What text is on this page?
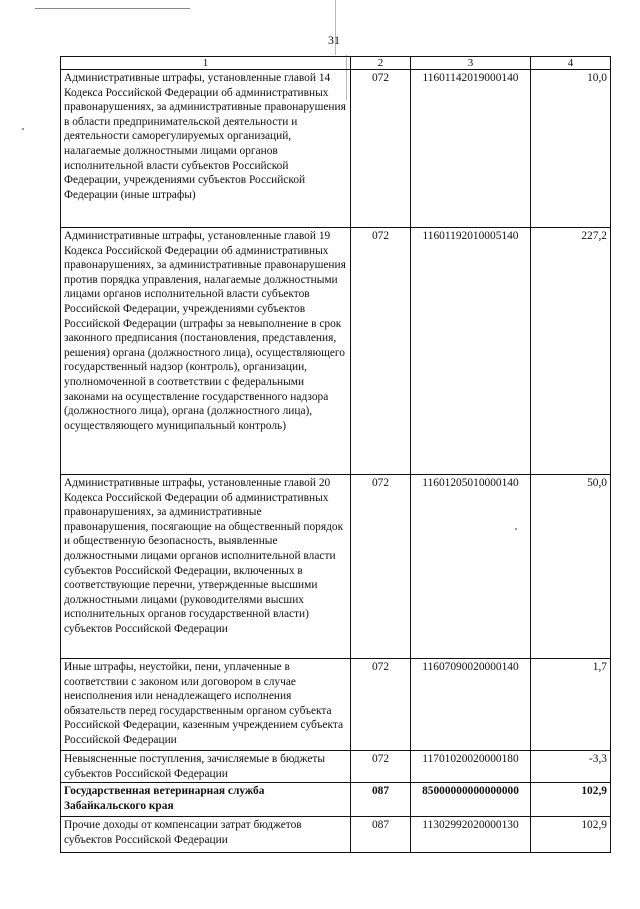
31
1	2	3	4
Административные штрафы, установленные главой 14 Кодекса Российской Федерации об административных правонарушениях, за административные правонарушения в области предпринимательской деятельности и деятельности саморегулируемых организаций, налагаемые должностными лицами органов исполнительной власти субъектов Российской Федерации, учреждениями субъектов Российской Федерации (иные штрафы)	072	11601142019000140	10,0
Административные штрафы, установленные главой 19 Кодекса Российской Федерации об административных правонарушениях, за административные правонарушения против порядка управления, налагаемые должностными лицами органов исполнительной власти субъектов Российской Федерации, учреждениями субъектов Российской Федерации (штрафы за невыполнение в срок законного предписания (постановления, представления, решения) органа (должностного лица), осуществляющего государственный надзор (контроль), организации, уполномоченной в соответствии с федеральными законами на осуществление государственного надзора (должностного лица), органа (должностного лица), осуществляющего муниципальный контроль)	072	11601192010005140	227,2
Административные штрафы, установленные главой 20 Кодекса Российской Федерации об административных правонарушениях, за административные правонарушения, посягающие на общественный порядок и общественную безопасность, выявленные должностными лицами органов исполнительной власти субъектов Российской Федерации, включенных в соответствующие перечни, утвержденные высшими должностными лицами (руководителями высших исполнительных органов государственной власти) субъектов Российской Федерации	072	11601205010000140	50,0
Иные штрафы, неустойки, пени, уплаченные в соответствии с законом или договором в случае неисполнения или ненадлежащего исполнения обязательств перед государственным органом субъекта Российской Федерации, казенным учреждением субъекта Российской Федерации	072	11607090020000140	1,7
Невыясненные поступления, зачисляемые в бюджеты субъектов Российской Федерации	072	11701020020000180	-3,3
Государственная ветеринарная служба Забайкальского края	087	85000000000000000	102,9
Прочие доходы от компенсации затрат бюджетов субъектов Российской Федерации	087	11302992020000130	102,9
